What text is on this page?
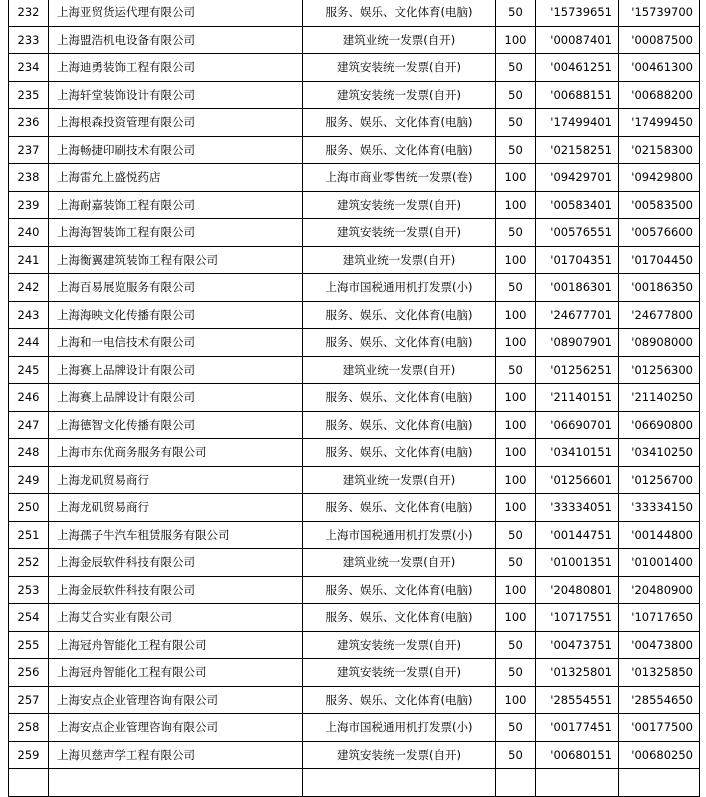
232	上海亚贸货运代理有限公司	服务、娱乐、文化体育(电脑)	50	'15739651	'15739700
233	上海盟浩机电设备有限公司	建筑业统一发票(自开)	100	'00087401	'00087500
234	上海迪勇装饰工程有限公司	建筑安装统一发票(自开)	50	'00461251	'00461300
235	上海轩堂装饰设计有限公司	建筑安装统一发票(自开)	50	'00688151	'00688200
236	上海根森投资管理有限公司	服务、娱乐、文化体育(电脑)	50	'17499401	'17499450
237	上海畅捷印刷技术有限公司	服务、娱乐、文化体育(电脑)	50	'02158251	'02158300
238	上海雷允上盛悦药店	上海市商业零售统一发票(卷)	100	'09429701	'09429800
239	上海耐嘉装饰工程有限公司	建筑安装统一发票(自开)	100	'00583401	'00583500
240	上海海智装饰工程有限公司	建筑安装统一发票(自开)	50	'00576551	'00576600
241	上海衡翼建筑装饰工程有限公司	建筑业统一发票(自开)	100	'01704351	'01704450
242	上海百易展览服务有限公司	上海市国税通用机打发票(小)	50	'00186301	'00186350
243	上海海映文化传播有限公司	服务、娱乐、文化体育(电脑)	100	'24677701	'24677800
244	上海和一电信技术有限公司	服务、娱乐、文化体育(电脑)	100	'08907901	'08908000
245	上海赛上品牌设计有限公司	建筑业统一发票(自开)	50	'01256251	'01256300
246	上海赛上品牌设计有限公司	服务、娱乐、文化体育(电脑)	100	'21140151	'21140250
247	上海德智文化传播有限公司	服务、娱乐、文化体育(电脑)	100	'06690701	'06690800
248	上海市东优商务服务有限公司	服务、娱乐、文化体育(电脑)	100	'03410151	'03410250
249	上海龙矶贸易商行	建筑业统一发票(自开)	100	'01256601	'01256700
250	上海龙矶贸易商行	服务、娱乐、文化体育(电脑)	100	'33334051	'33334150
251	上海孺子牛汽车租赁服务有限公司	上海市国税通用机打发票(小)	50	'00144751	'00144800
252	上海金辰软件科技有限公司	建筑业统一发票(自开)	50	'01001351	'01001400
253	上海金辰软件科技有限公司	服务、娱乐、文化体育(电脑)	100	'20480801	'20480900
254	上海艾合实业有限公司	服务、娱乐、文化体育(电脑)	100	'10717551	'10717650
255	上海冠舟智能化工程有限公司	建筑安装统一发票(自开)	50	'00473751	'00473800
256	上海冠舟智能化工程有限公司	建筑安装统一发票(自开)	50	'01325801	'01325850
257	上海安点企业管理咨询有限公司	服务、娱乐、文化体育(电脑)	100	'28554551	'28554650
258	上海安点企业管理咨询有限公司	上海市国税通用机打发票(小)	50	'00177451	'00177500
259	上海贝慈声学工程有限公司	建筑安装统一发票(自开)	50	'00680151	'00680250
